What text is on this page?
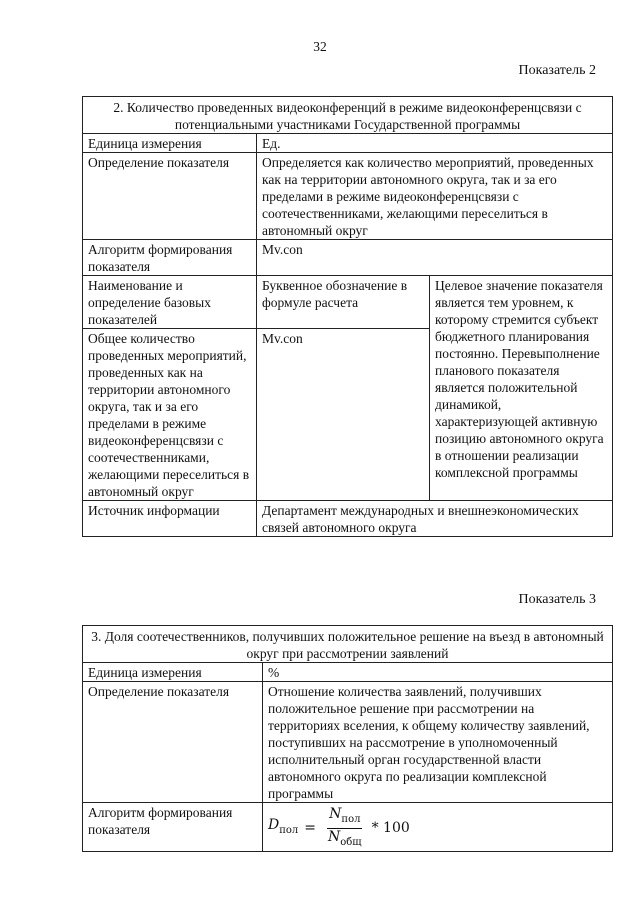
32
Показатель 2
2. Количество проведенных видеоконференций в режиме видеоконференцсвязи с потенциальными участниками Государственной программы		
Единица измерения	Ед.	
Определение показателя	Определяется как количество мероприятий, проведенных как на территории автономного округа, так и за его пределами в режиме видеоконференцсвязи с соотечественниками, желающими переселиться в автономный округ	
Алгоритм формирования показателя	Mv.con	
Наименование и определение базовых показателей	Буквенное обозначение в формуле расчета	Целевое значение показателя является тем уровнем, к которому стремится субъект бюджетного планирования постоянно. Перевыполнение планового показателя является положительной динамикой, характеризующей активную позицию автономного округа в отношении реализации комплексной программы
Общее количество проведенных мероприятий, проведенных как на территории автономного округа, так и за его пределами в режиме видеоконференцсвязи с соотечественниками, желающими переселиться в автономный округ	Mv.con	
Источник информации	Департамент международных и внешнеэкономических связей автономного округа	
Показатель 3
3. Доля соотечественников, получивших положительное решение на въезд в автономный округ при рассмотрении заявлений	
Единица измерения	%
Определение показателя	Отношение количества заявлений, получивших положительное решение при рассмотрении на территориях вселения, к общему количеству заявлений, поступивших на рассмотрение в уполномоченный исполнительный орган государственной власти автономного округа по реализации комплексной программы
Алгоритм формирования показателя	$D_{пол} = \frac{N_{пол}}{N_{общ}} * 100$
